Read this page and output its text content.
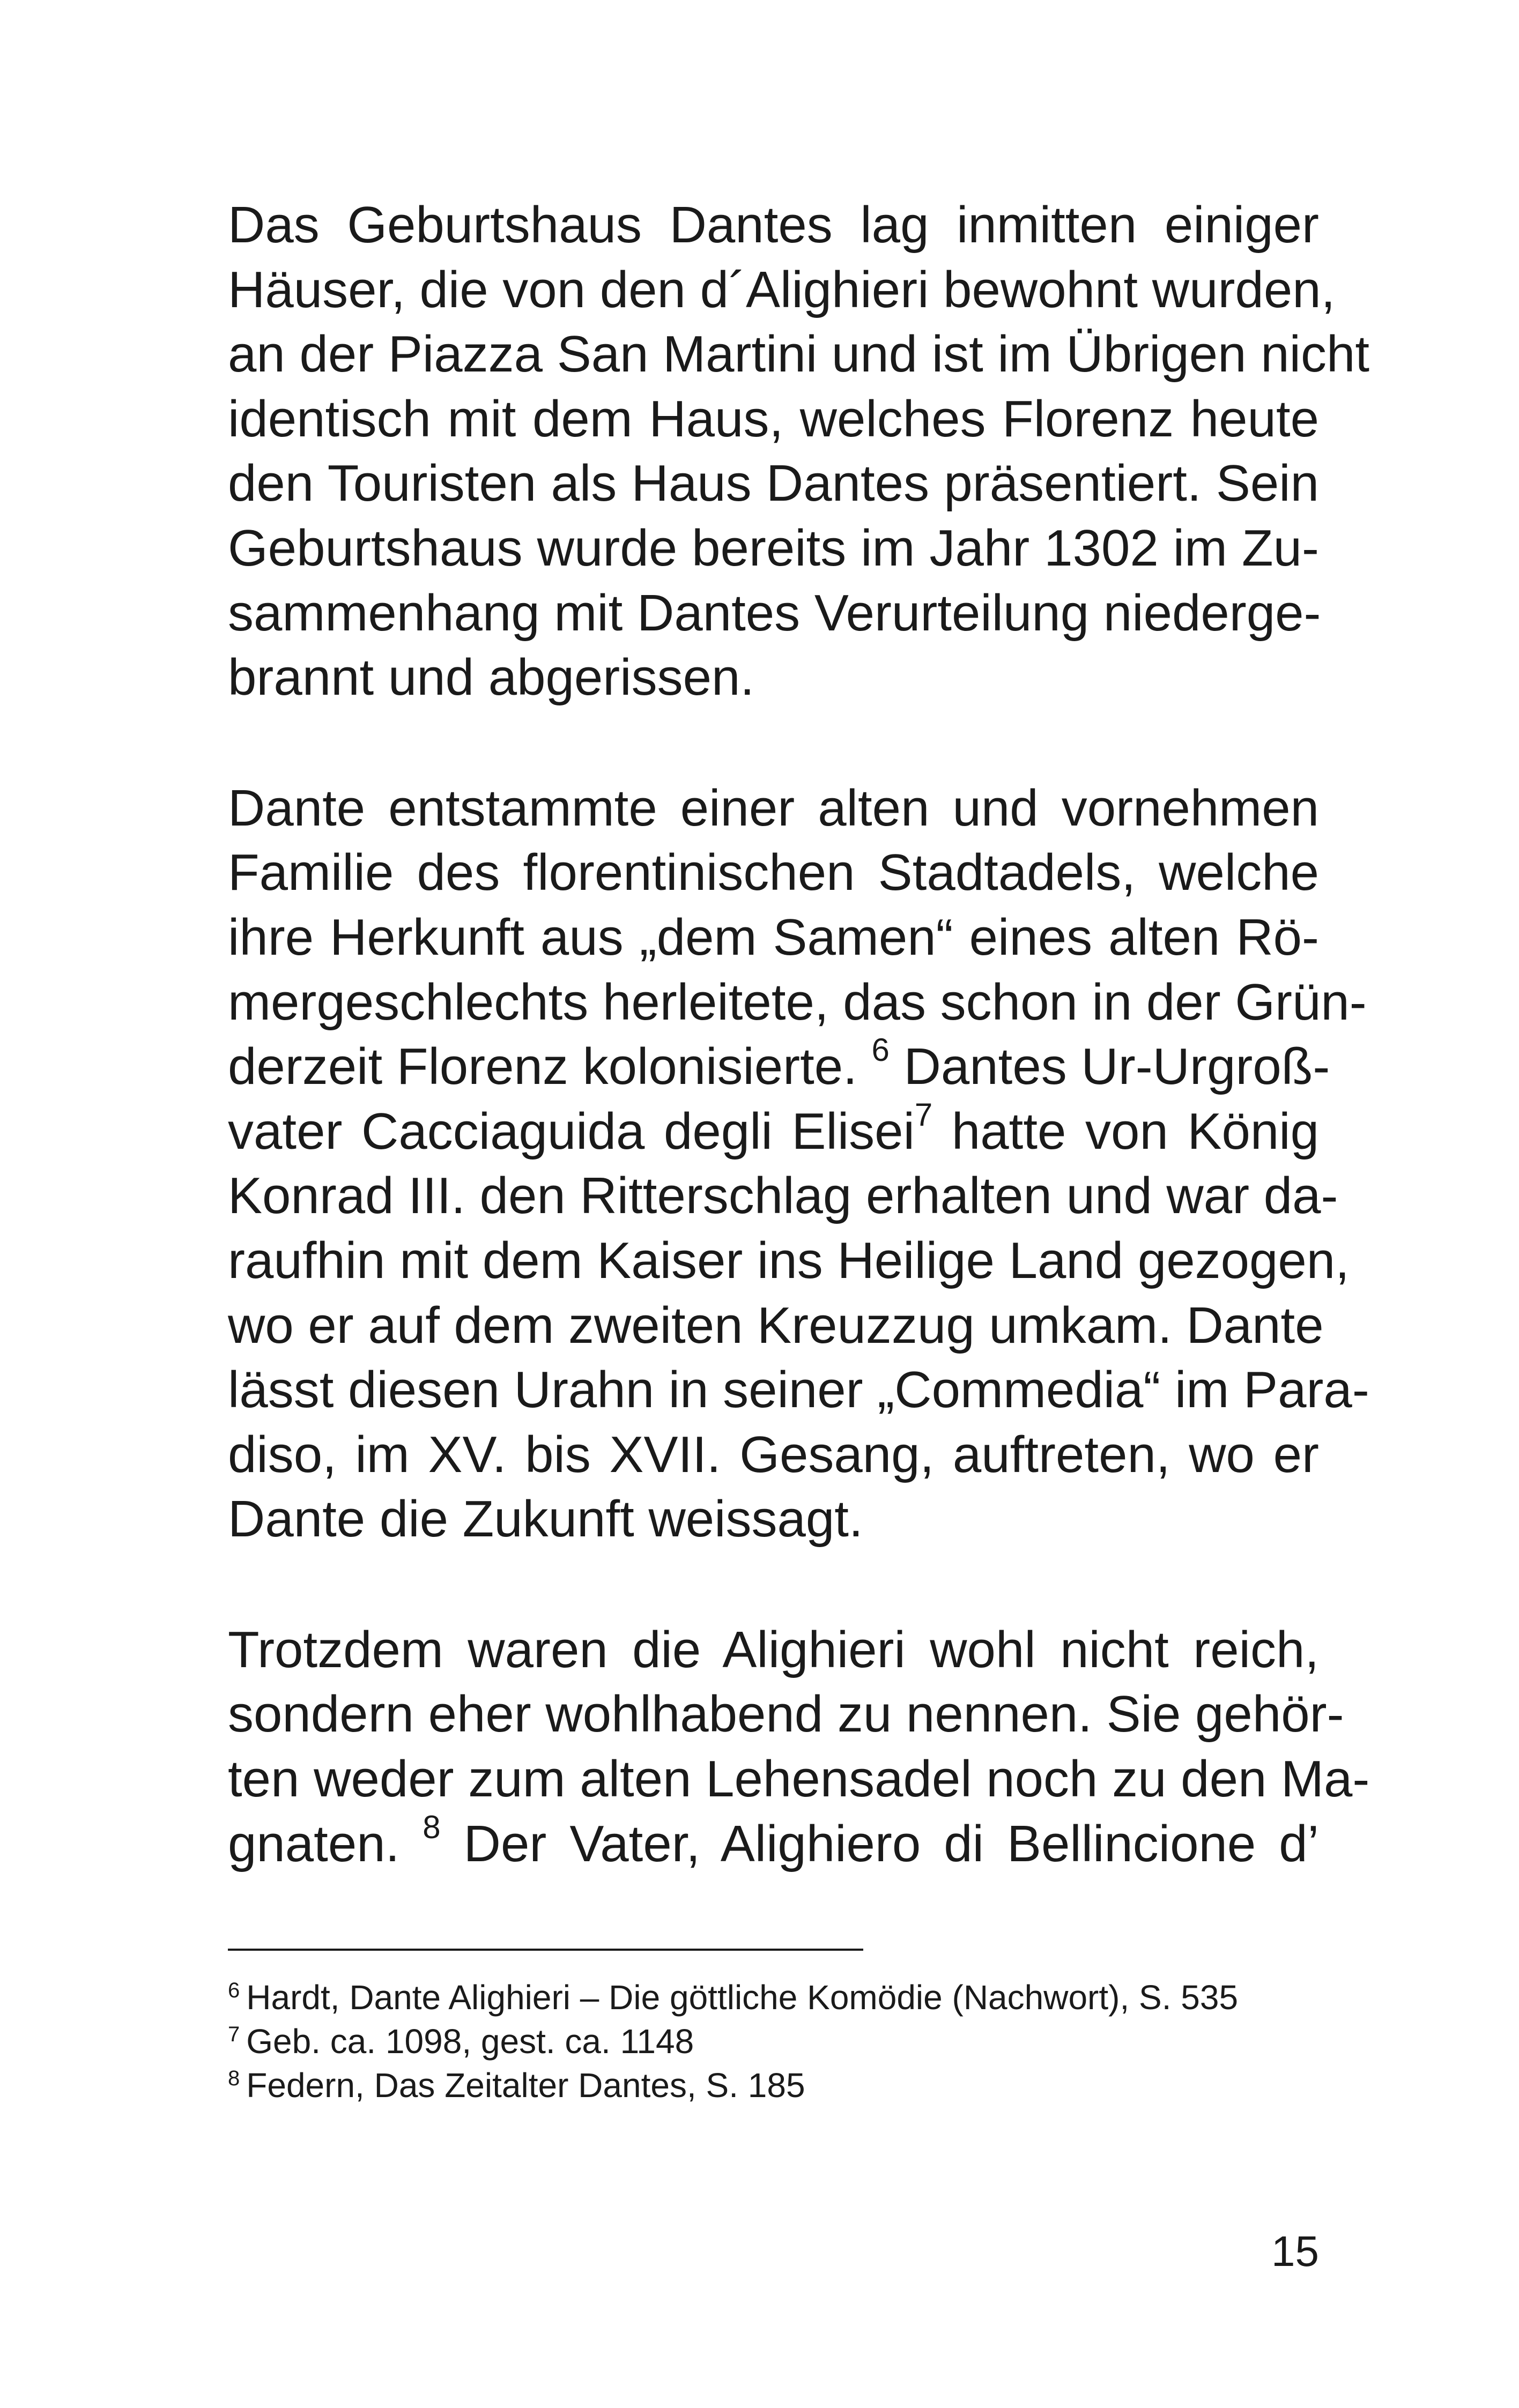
Das Geburtshaus Dantes lag inmitten einiger
Häuser, die von den d´Alighieri bewohnt wurden,
an der Piazza San Martini und ist im Übrigen nicht
identisch mit dem Haus, welches Florenz heute
den Touristen als Haus Dantes präsentiert. Sein
Geburtshaus wurde bereits im Jahr 1302 im Zu-
sammenhang mit Dantes Verurteilung niederge-
brannt und abgerissen.

Dante entstammte einer alten und vornehmen
Familie des florentinischen Stadtadels, welche
ihre Herkunft aus „dem Samen“ eines alten Rö-
mergeschlechts herleitete, das schon in der Grün-
derzeit Florenz kolonisierte. $^6$ Dantes Ur-Urgroß-
vater Cacciaguida degli Elisei$^7$ hatte von König
Konrad III. den Ritterschlag erhalten und war da-
raufhin mit dem Kaiser ins Heilige Land gezogen,
wo er auf dem zweiten Kreuzzug umkam. Dante
lässt diesen Urahn in seiner „Commedia“ im Para-
diso, im XV. bis XVII. Gesang, auftreten, wo er
Dante die Zukunft weissagt.

Trotzdem waren die Alighieri wohl nicht reich,
sondern eher wohlhabend zu nennen. Sie gehör-
ten weder zum alten Lehensadel noch zu den Ma-
gnaten. $^8$ Der Vater, Alighiero di Bellincione d’

$^6$ Hardt, Dante Alighieri – Die göttliche Komödie (Nachwort), S. 535
$^7$ Geb. ca. 1098, gest. ca. 1148
$^8$ Federn, Das Zeitalter Dantes, S. 185
15
